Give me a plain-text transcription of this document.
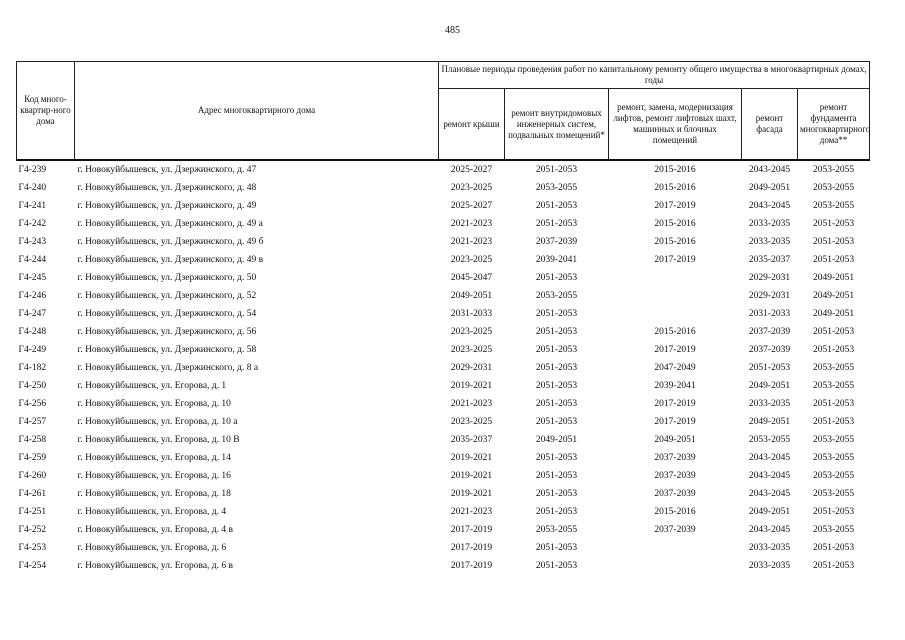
485
Код много-квартир-ного дома	Адрес многоквартирного дома	Плановые периоды проведения работ по капитальному ремонту общего имущества в многоквартирных домах, годы				
		ремонт крыши	ремонт внутридомовых инженерных систем, подвальных помещений*	ремонт, замена, модернизация лифтов, ремонт лифтовых шахт, машинных и блочных помещений	ремонт фасада	ремонт фундамента многоквартирного дома**
Г4-239	г. Новокуйбышевск, ул. Дзержинского, д. 47	2025-2027	2051-2053	2015-2016	2043-2045	2053-2055
Г4-240	г. Новокуйбышевск, ул. Дзержинского, д. 48	2023-2025	2053-2055	2015-2016	2049-2051	2053-2055
Г4-241	г. Новокуйбышевск, ул. Дзержинского, д. 49	2025-2027	2051-2053	2017-2019	2043-2045	2053-2055
Г4-242	г. Новокуйбышевск, ул. Дзержинского, д. 49 а	2021-2023	2051-2053	2015-2016	2033-2035	2051-2053
Г4-243	г. Новокуйбышевск, ул. Дзержинского, д. 49 б	2021-2023	2037-2039	2015-2016	2033-2035	2051-2053
Г4-244	г. Новокуйбышевск, ул. Дзержинского, д. 49 в	2023-2025	2039-2041	2017-2019	2035-2037	2051-2053
Г4-245	г. Новокуйбышевск, ул. Дзержинского, д. 50	2045-2047	2051-2053		2029-2031	2049-2051
Г4-246	г. Новокуйбышевск, ул. Дзержинского, д. 52	2049-2051	2053-2055		2029-2031	2049-2051
Г4-247	г. Новокуйбышевск, ул. Дзержинского, д. 54	2031-2033	2051-2053		2031-2033	2049-2051
Г4-248	г. Новокуйбышевск, ул. Дзержинского, д. 56	2023-2025	2051-2053	2015-2016	2037-2039	2051-2053
Г4-249	г. Новокуйбышевск, ул. Дзержинского, д. 58	2023-2025	2051-2053	2017-2019	2037-2039	2051-2053
Г4-182	г. Новокуйбышевск, ул. Дзержинского, д. 8 а	2029-2031	2051-2053	2047-2049	2051-2053	2053-2055
Г4-250	г. Новокуйбышевск, ул. Егорова, д. 1	2019-2021	2051-2053	2039-2041	2049-2051	2053-2055
Г4-256	г. Новокуйбышевск, ул. Егорова, д. 10	2021-2023	2051-2053	2017-2019	2033-2035	2051-2053
Г4-257	г. Новокуйбышевск, ул. Егорова, д. 10 а	2023-2025	2051-2053	2017-2019	2049-2051	2051-2053
Г4-258	г. Новокуйбышевск, ул. Егорова, д. 10 В	2035-2037	2049-2051	2049-2051	2053-2055	2053-2055
Г4-259	г. Новокуйбышевск, ул. Егорова, д. 14	2019-2021	2051-2053	2037-2039	2043-2045	2053-2055
Г4-260	г. Новокуйбышевск, ул. Егорова, д. 16	2019-2021	2051-2053	2037-2039	2043-2045	2053-2055
Г4-261	г. Новокуйбышевск, ул. Егорова, д. 18	2019-2021	2051-2053	2037-2039	2043-2045	2053-2055
Г4-251	г. Новокуйбышевск, ул. Егорова, д. 4	2021-2023	2051-2053	2015-2016	2049-2051	2051-2053
Г4-252	г. Новокуйбышевск, ул. Егорова, д. 4 в	2017-2019	2053-2055	2037-2039	2043-2045	2053-2055
Г4-253	г. Новокуйбышевск, ул. Егорова, д. 6	2017-2019	2051-2053		2033-2035	2051-2053
Г4-254	г. Новокуйбышевск, ул. Егорова, д. 6 в	2017-2019	2051-2053		2033-2035	2051-2053
